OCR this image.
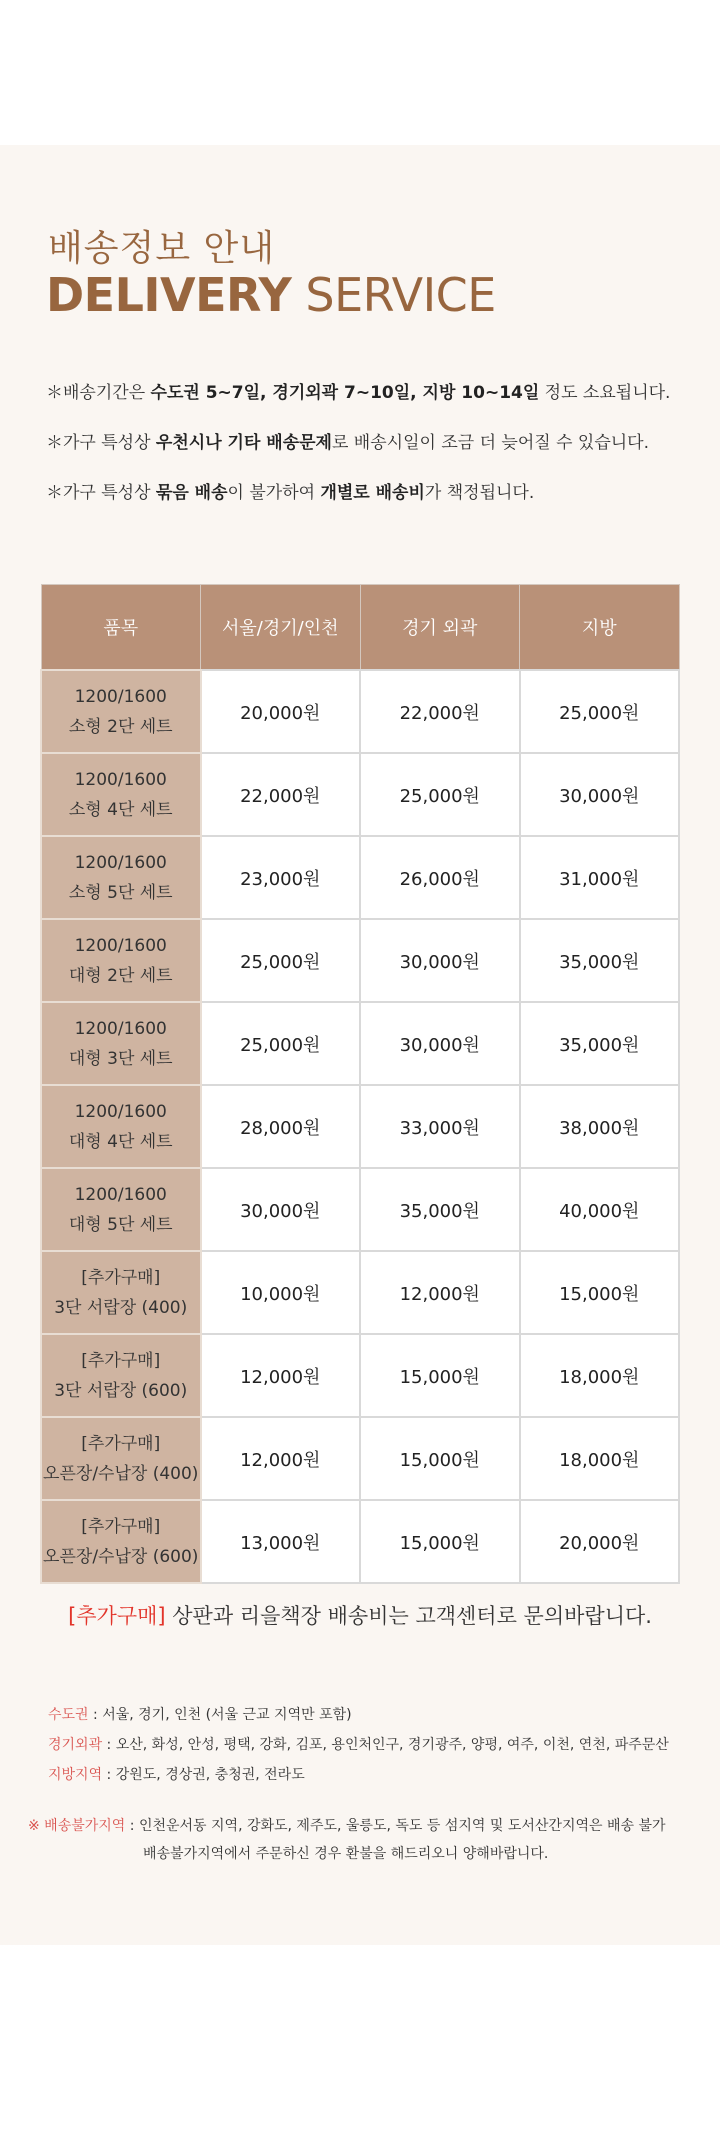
배송정보 안내
DELIVERY SERVICE
＊배송기간은 수도권 5~7일, 경기외곽 7~10일, 지방 10~14일 정도 소요됩니다.
＊가구 특성상 우천시나 기타 배송문제로 배송시일이 조금 더 늦어질 수 있습니다.
＊가구 특성상 묶음 배송이 불가하여 개별로 배송비가 책정됩니다.
품목	서울/경기/인천	경기 외곽	지방

1200/1600
소형 2단 세트	20,000원	22,000원	25,000원

1200/1600
소형 4단 세트	22,000원	25,000원	30,000원

1200/1600
소형 5단 세트	23,000원	26,000원	31,000원

1200/1600
대형 2단 세트	25,000원	30,000원	35,000원

1200/1600
대형 3단 세트	25,000원	30,000원	35,000원

1200/1600
대형 4단 세트	28,000원	33,000원	38,000원

1200/1600
대형 5단 세트	30,000원	35,000원	40,000원

[추가구매]
3단 서랍장 (400)	10,000원	12,000원	15,000원

[추가구매]
3단 서랍장 (600)	12,000원	15,000원	18,000원

[추가구매]
오픈장/수납장 (400)	12,000원	15,000원	18,000원

[추가구매]
오픈장/수납장 (600)	13,000원	15,000원	20,000원
[추가구매] 상판과 리을책장 배송비는 고객센터로 문의바랍니다.
수도권 : 서울, 경기, 인천 (서울 근교 지역만 포함)
경기외곽 : 오산, 화성, 안성, 평택, 강화, 김포, 용인처인구, 경기광주, 양평, 여주, 이천, 연천, 파주문산
지방지역 : 강원도, 경상권, 충청권, 전라도
※ 배송불가지역 : 인천운서동 지역, 강화도, 제주도, 울릉도, 독도 등 섬지역 및 도서산간지역은 배송 불가
배송불가지역에서 주문하신 경우 환불을 해드리오니 양해바랍니다.
